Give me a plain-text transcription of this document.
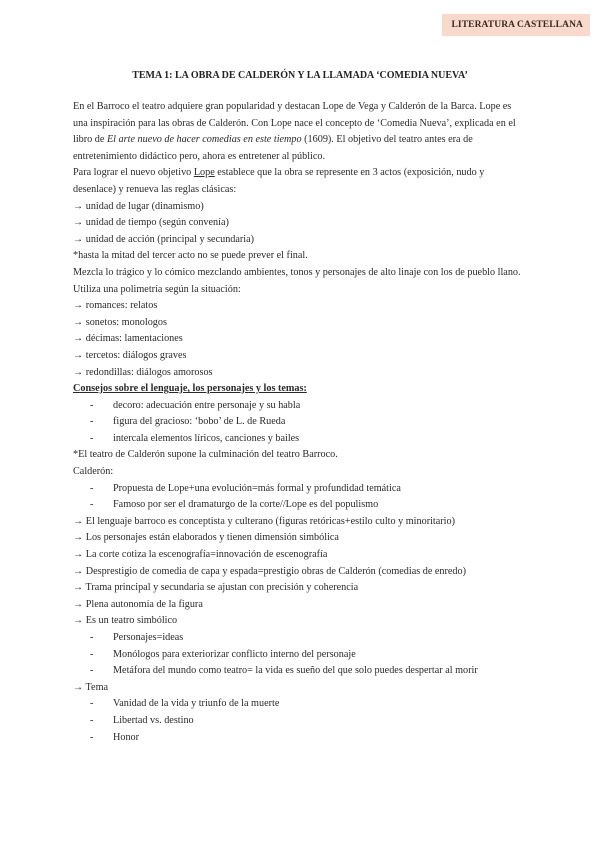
LITERATURA CASTELLANA
TEMA 1: LA OBRA DE CALDERÓN Y LA LLAMADA ‘COMEDIA NUEVA’

En el Barroco el teatro adquiere gran popularidad y destacan Lope de Vega y Calderón de la Barca. Lope es una inspiración para las obras de Calderón. Con Lope nace el concepto de ‘Comedia Nueva’, explicada en el libro de El arte nuevo de hacer comedias en este tiempo (1609). El objetivo del teatro antes era de entretenimiento didáctico pero, ahora es entretener al público.

Para lograr el nuevo objetivo Lope establece que la obra se represente en 3 actos (exposición, nudo y desenlace) y renueva las reglas clásicas:

→ unidad de lugar (dinamismo)

→ unidad de tiempo (según convenía)

→ unidad de acción (principal y secundaria)

*hasta la mitad del tercer acto no se puede prever el final.

Mezcla lo trágico y lo cómico mezclando ambientes, tonos y personajes de alto linaje con los de pueblo llano.

Utiliza una polimetría según la situación:

→ romances: relatos

→ sonetos: monologos

→ décimas: lamentaciones

→ tercetos: diálogos graves

→ redondillas: diálogos amorosos

Consejos sobre el lenguaje, los personajes y los temas:

- decoro: adecuación entre personaje y su habla

- figura del gracioso: ‘bobo’ de L. de Rueda

- intercala elementos líricos, canciones y bailes

*El teatro de Calderón supone la culminación del teatro Barroco.

Calderón:

- Propuesta de Lope+una evolución=más formal y profundidad temática

- Famoso por ser el dramaturgo de la corte//Lope es del populismo

→ El lenguaje barroco es conceptista y culterano (figuras retóricas+estilo culto y minoritario)

→ Los personajes están elaborados y tienen dimensión simbólica

→ La corte cotiza la escenografía=innovación de escenografía

→ Desprestigio de comedia de capa y espada=prestigio obras de Calderón (comedias de enredo)

→ Trama principal y secundaria se ajustan con precisión y coherencia

→ Plena autonomía de la figura

→ Es un teatro simbólico

- Personajes=ideas

- Monólogos para exteriorizar conflicto interno del personaje

- Metáfora del mundo como teatro= la vida es sueño del que solo puedes despertar al morir

→ Tema

- Vanidad de la vida y triunfo de la muerte

- Libertad vs. destino

- Honor
